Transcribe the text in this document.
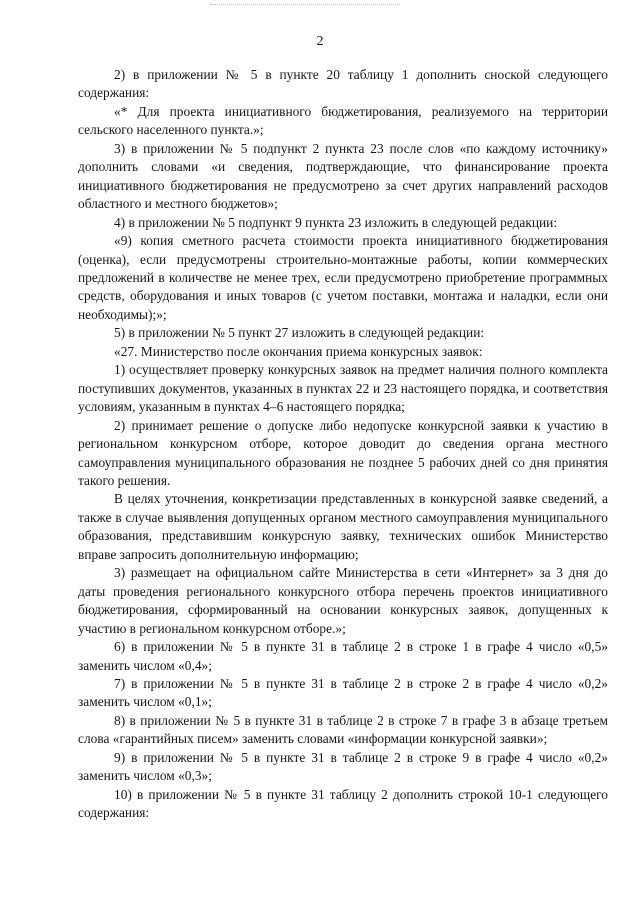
2

2) в приложении № 5 в пункте 20 таблицу 1 дополнить сноской следующего содержания:

«* Для проекта инициативного бюджетирования, реализуемого на территории сельского населенного пункта.»;

3) в приложении № 5 подпункт 2 пункта 23 после слов «по каждому источнику» дополнить словами «и сведения, подтверждающие, что финансирование проекта инициативного бюджетирования не предусмотрено за счет других направлений расходов областного и местного бюджетов»;

4) в приложении № 5 подпункт 9 пункта 23 изложить в следующей редакции:

«9) копия сметного расчета стоимости проекта инициативного бюджетирования (оценка), если предусмотрены строительно-монтажные работы, копии коммерческих предложений в количестве не менее трех, если предусмотрено приобретение программных средств, оборудования и иных товаров (с учетом поставки, монтажа и наладки, если они необходимы);»;

5) в приложении № 5 пункт 27 изложить в следующей редакции:

«27. Министерство после окончания приема конкурсных заявок:

1) осуществляет проверку конкурсных заявок на предмет наличия полного комплекта поступивших документов, указанных в пунктах 22 и 23 настоящего порядка, и соответствия условиям, указанным в пунктах 4–6 настоящего порядка;

2) принимает решение о допуске либо недопуске конкурсной заявки к участию в региональном конкурсном отборе, которое доводит до сведения органа местного самоуправления муниципального образования не позднее 5 рабочих дней со дня принятия такого решения.

В целях уточнения, конкретизации представленных в конкурсной заявке сведений, а также в случае выявления допущенных органом местного самоуправления муниципального образования, представившим конкурсную заявку, технических ошибок Министерство вправе запросить дополнительную информацию;

3) размещает на официальном сайте Министерства в сети «Интернет» за 3 дня до даты проведения регионального конкурсного отбора перечень проектов инициативного бюджетирования, сформированный на основании конкурсных заявок, допущенных к участию в региональном конкурсном отборе.»;

6) в приложении № 5 в пункте 31 в таблице 2 в строке 1 в графе 4 число «0,5» заменить числом «0,4»;

7) в приложении № 5 в пункте 31 в таблице 2 в строке 2 в графе 4 число «0,2» заменить числом «0,1»;

8) в приложении № 5 в пункте 31 в таблице 2 в строке 7 в графе 3 в абзаце третьем слова «гарантийных писем» заменить словами «информации конкурсной заявки»;

9) в приложении № 5 в пункте 31 в таблице 2 в строке 9 в графе 4 число «0,2» заменить числом «0,3»;

10) в приложении № 5 в пункте 31 таблицу 2 дополнить строкой 10-1 следующего содержания:
